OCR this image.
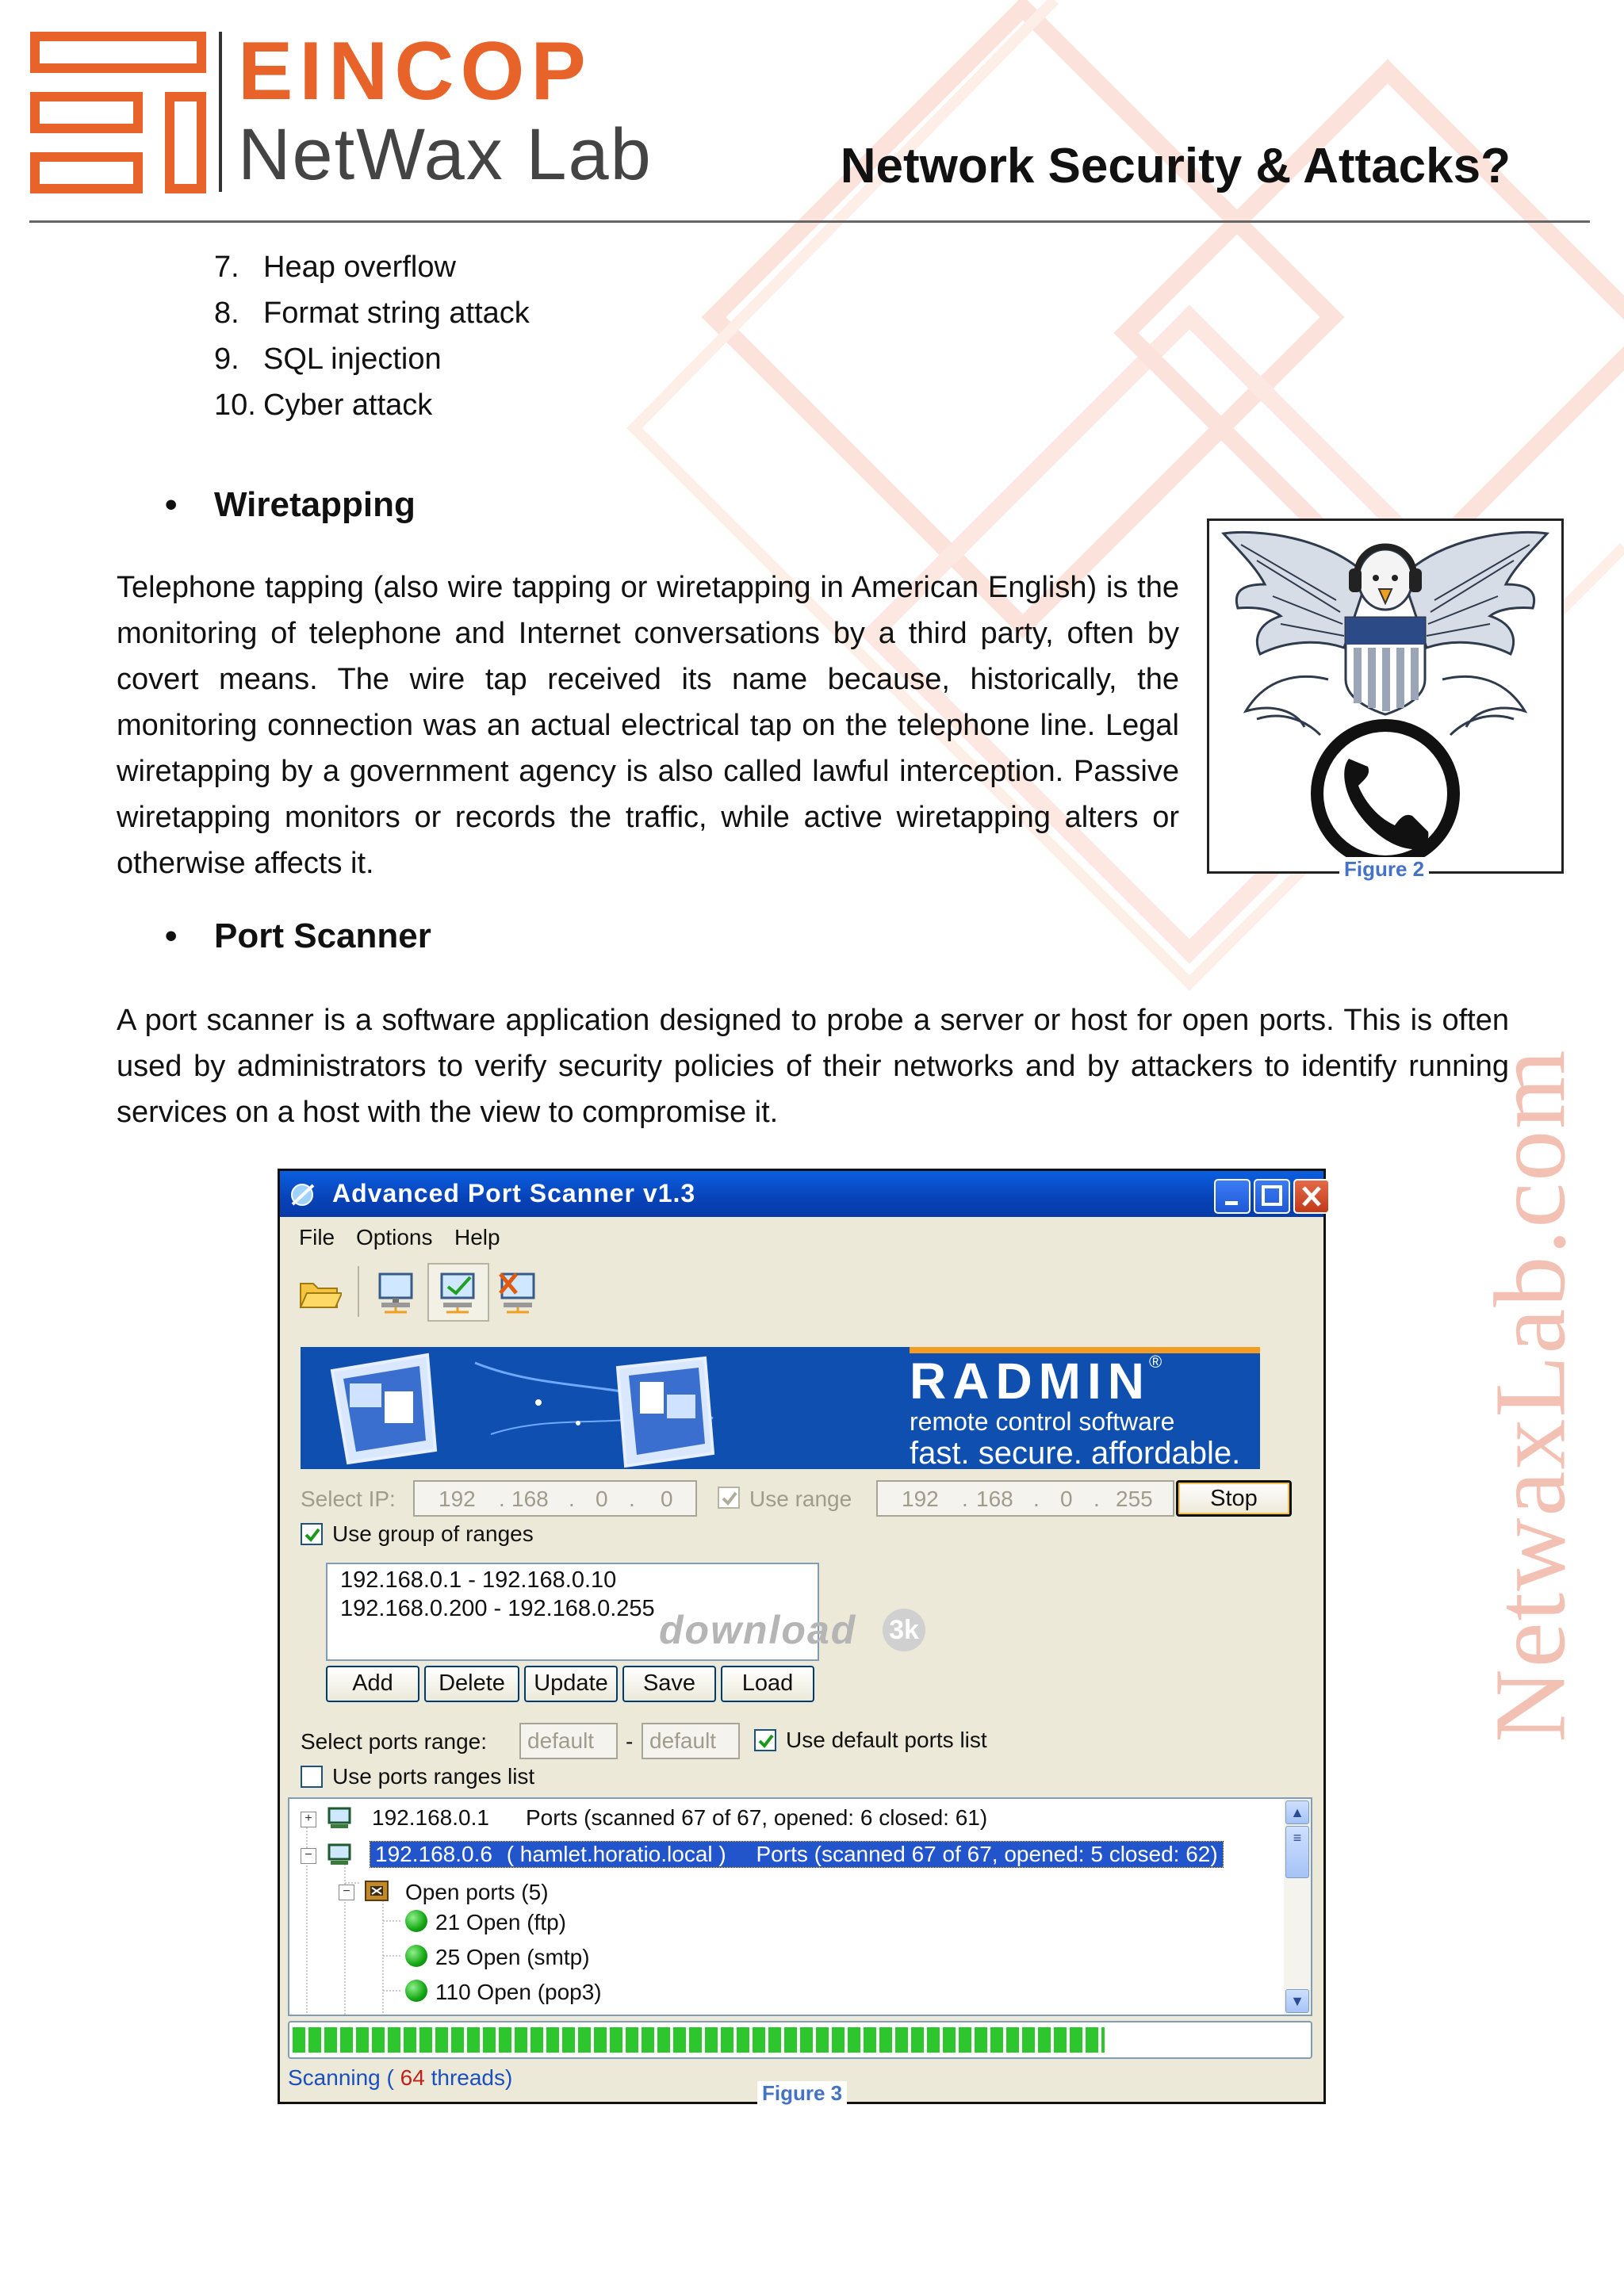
NetwaxLab.com
EINCOP
NetWax Lab	Network Security & Attacks?
7. Heap overflow
8. Format string attack
9. SQL injection
10. Cyber attack
• Wiretapping
Telephone tapping (also wire tapping or wiretapping in American English) is the monitoring of telephone and Internet conversations by a third party, often by covert means. The wire tap received its name because, historically, the monitoring connection was an actual electrical tap on the telephone line. Legal wiretapping by a government agency is also called lawful interception. Passive wiretapping monitors or records the traffic, while active wiretapping alters or otherwise affects it.	Figure 2
• Port Scanner
A port scanner is a software application designed to probe a server or host for open ports. This is often used by administrators to verify security policies of their networks and by attackers to identify running services on a host with the view to compromise it.
Advanced Port Scanner v1.3
File Options Help
RADMIN
®
remote control software
fast. secure. affordable.
Select IP: 192 . 168 . 0 . 0	Use range 192 . 168 . 0 . 255	Stop
Use group of ranges
192.168.0.1 - 192.168.0.10
192.168.0.200 - 192.168.0.255 download 3k
Add	Delete	Update	Save	Load
Select ports range:	default	- default	Use default ports list
Use ports ranges list
+	192.168.0.1 Ports (scanned 67 of 67, opened: 6 closed: 61)
−	192.168.0.6 ( hamlet.horatio.local ) Ports (scanned 67 of 67, opened: 5 closed: 62)
− Open ports (5)
21 Open (ftp)
25 Open (smtp)
110 Open (pop3)
▲
≡
▼
Scanning ( 64 threads)
Figure 3
